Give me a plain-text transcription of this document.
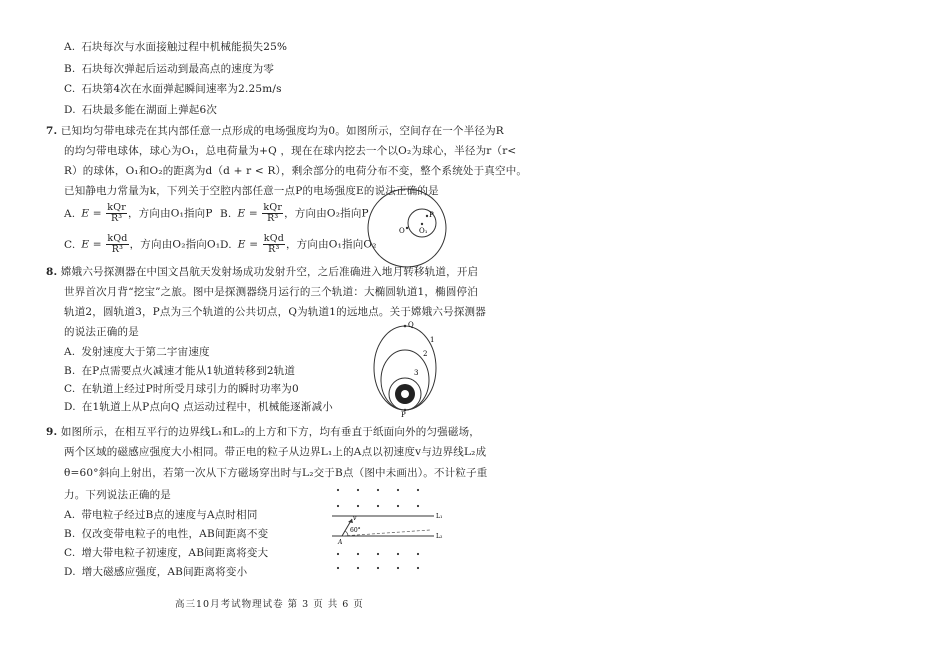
A. 石块每次与水面接触过程中机械能损失25%
B. 石块每次弹起后运动到最高点的速度为零
C. 石块第4次在水面弹起瞬间速率为2.25m/s
D. 石块最多能在湖面上弹起6次
7. 已知均匀带电球壳在其内部任意一点形成的电场强度均为0。如图所示，空间存在一个半径为R
的均匀带电球体，球心为O₁，总电荷量为+Q ，现在在球内挖去一个以O₂为球心，半径为r（r<
R）的球体，O₁和O₂的距离为d（d + r < R），剩余部分的电荷分布不变，整个系统处于真空中。
已知静电力常量为k，下列关于空腔内部任意一点P的电场强度E的说法正确的是
A. $E = \frac{\text{kQr}}{\text{R³}}$ ，方向由O₁指向P B. $E = \frac{\text{kQr}}{\text{R³}}$ ，方向由O₂指向P
C. $E = \frac{\text{kQd}}{\text{R³}}$ ，方向由O₂指向O₁ D. $E = \frac{\text{kQd}}{\text{R³}}$ ，方向由O₁指向O₂
P
O O₁
8. 嫦娥六号探测器在中国文昌航天发射场成功发射升空，之后准确进入地月转移轨道，开启
世界首次月背“挖宝”之旅。图中是探测器绕月运行的三个轨道：大椭圆轨道1，椭圆停泊
轨道2，圆轨道3，P点为三个轨道的公共切点，Q为轨道1的远地点。关于嫦娥六号探测器
的说法正确的是
A. 发射速度大于第二宇宙速度
B. 在P点需要点火减速才能从1轨道转移到2轨道
C. 在轨道上经过P时所受月球引力的瞬时功率为0
D. 在1轨道上从P点向Q 点运动过程中，机械能逐渐减小
Q
1
2
3
P
9. 如图所示，在相互平行的边界线L₁和L₂的上方和下方，均有垂直于纸面向外的匀强磁场，
两个区域的磁感应强度大小相同。带正电的粒子从边界L₁上的A点以初速度v与边界线L₂成
θ=60°斜向上射出，若第一次从下方磁场穿出时与L₂交于B点（图中未画出）。不计粒子重
力。下列说法正确的是
A. 带电粒子经过B点的速度与A点时相同
B. 仅改变带电粒子的电性，AB间距离不变
C. 增大带电粒子初速度，AB间距离将变大
D. 增大磁感应强度，AB间距离将变小
L₁
L₂
v
60°
A
高三10月考试物理试卷 第 3 页 共 6 页
